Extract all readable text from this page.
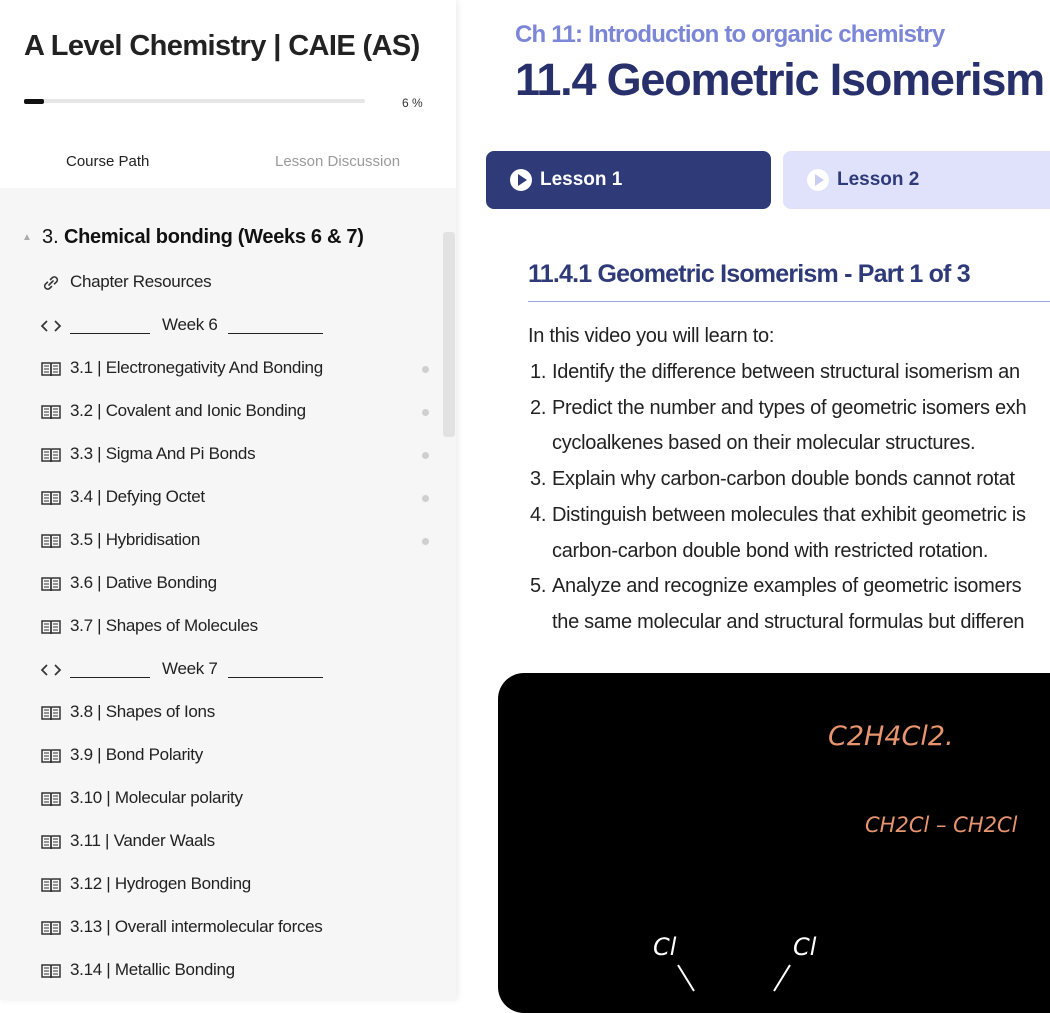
A Level Chemistry | CAIE (AS)
6 %
Course Path	Lesson Discussion
▲ 3. Chemical bonding (Weeks 6 & 7)
Chapter Resources
Week 6
3.1 | Electronegativity And Bonding
3.2 | Covalent and Ionic Bonding
3.3 | Sigma And Pi Bonds
3.4 | Defying Octet
3.5 | Hybridisation
3.6 | Dative Bonding
3.7 | Shapes of Molecules
Week 7
3.8 | Shapes of Ions
3.9 | Bond Polarity
3.10 | Molecular polarity
3.11 | Vander Waals
3.12 | Hydrogen Bonding
3.13 | Overall intermolecular forces
3.14 | Metallic Bonding
Ch 11: Introduction to organic chemistry
11.4 Geometric Isomerism
Lesson 1	Lesson 2
11.4.1 Geometric Isomerism - Part 1 of 3
In this video you will learn to:
1. Identify the difference between structural isomerism an
2. Predict the number and types of geometric isomers exh
cycloalkenes based on their molecular structures.
3. Explain why carbon-carbon double bonds cannot rotat
4. Distinguish between molecules that exhibit geometric is
carbon-carbon double bond with restricted rotation.
5. Analyze and recognize examples of geometric isomers
the same molecular and structural formulas but differen
C2H4Cl2.
CH2Cl – CH2Cl
Cl	Cl
